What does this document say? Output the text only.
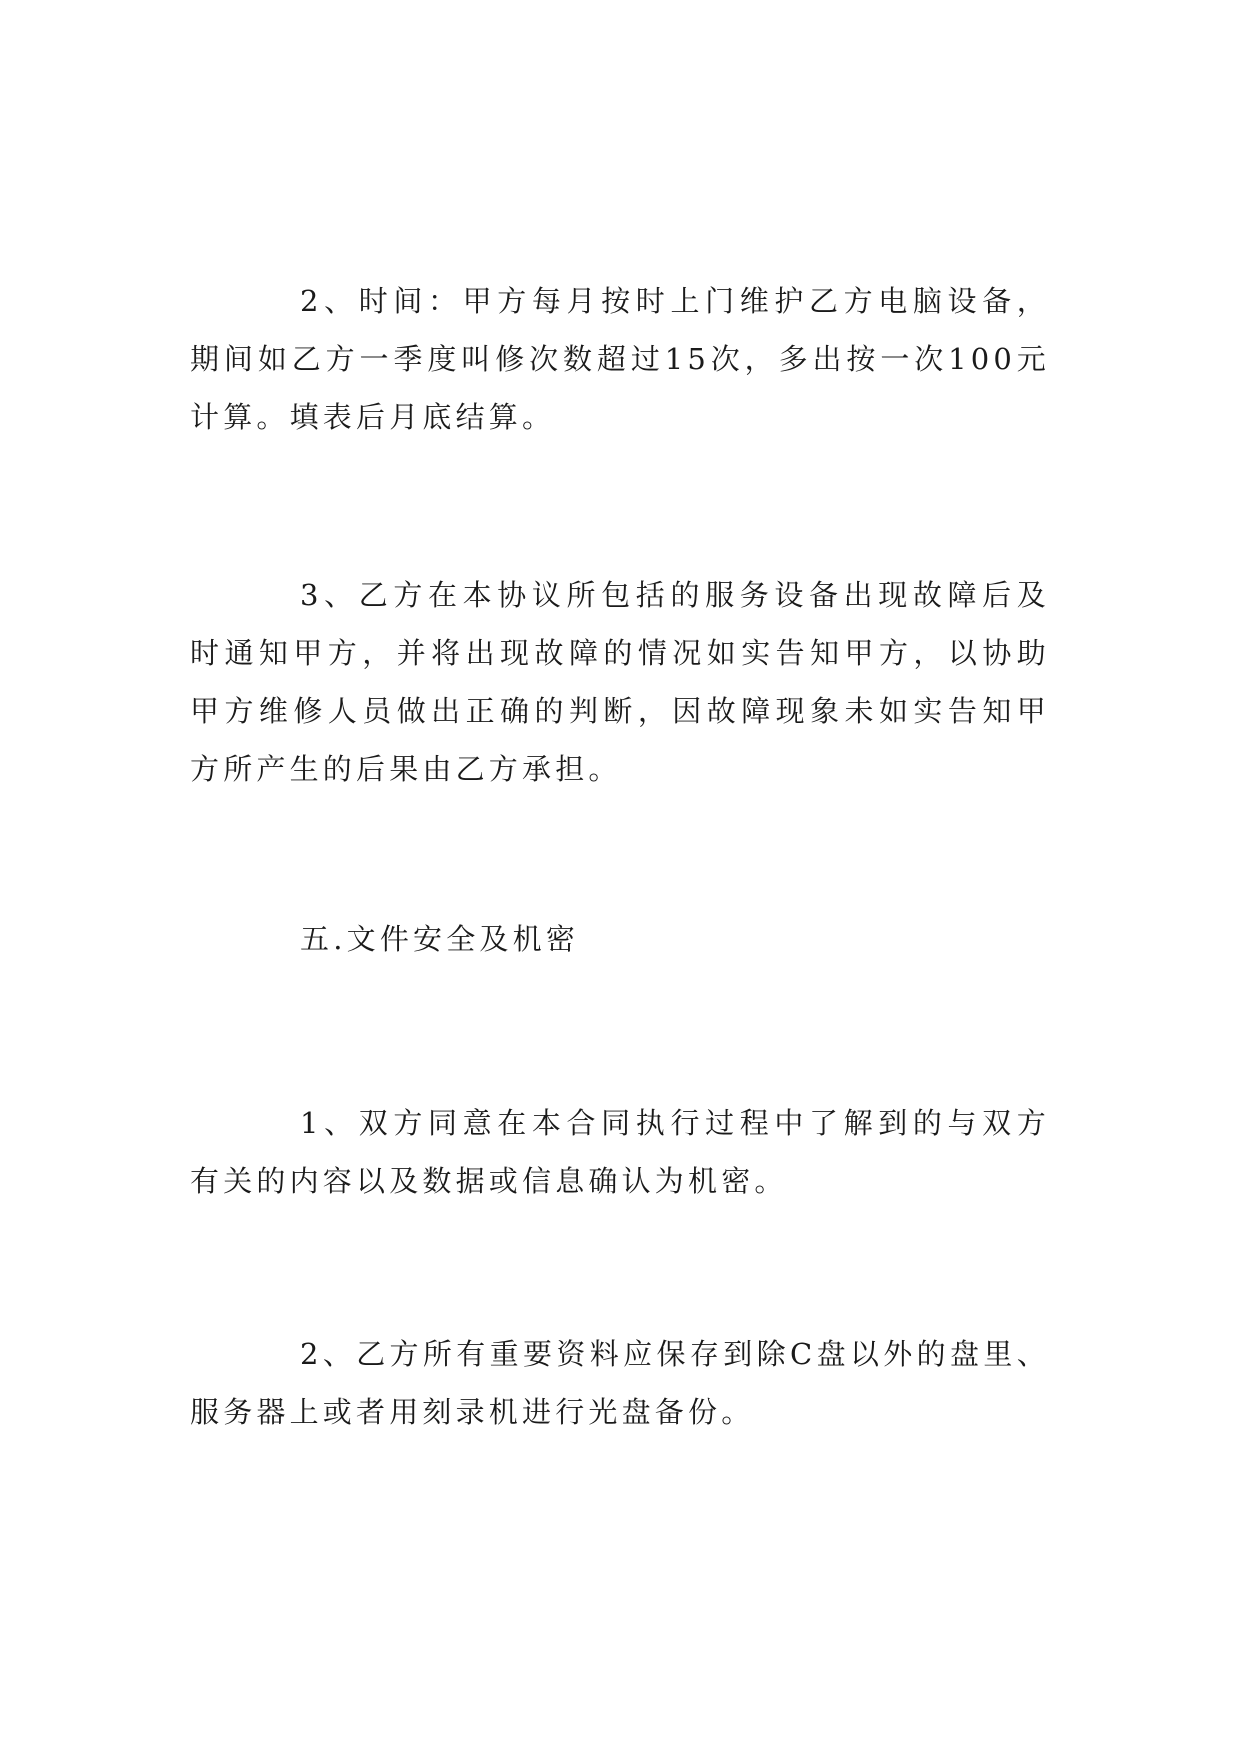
2、时间：甲方每月按时上门维护乙方电脑设备，期间如乙方一季度叫修次数超过15次，多出按一次100元计算。填表后月底结算。

3、乙方在本协议所包括的服务设备出现故障后及时通知甲方，并将出现故障的情况如实告知甲方，以协助甲方维修人员做出正确的判断，因故障现象未如实告知甲方所产生的后果由乙方承担。

五.文件安全及机密

1、双方同意在本合同执行过程中了解到的与双方有关的内容以及数据或信息确认为机密。

2、乙方所有重要资料应保存到除C盘以外的盘里、服务器上或者用刻录机进行光盘备份。
